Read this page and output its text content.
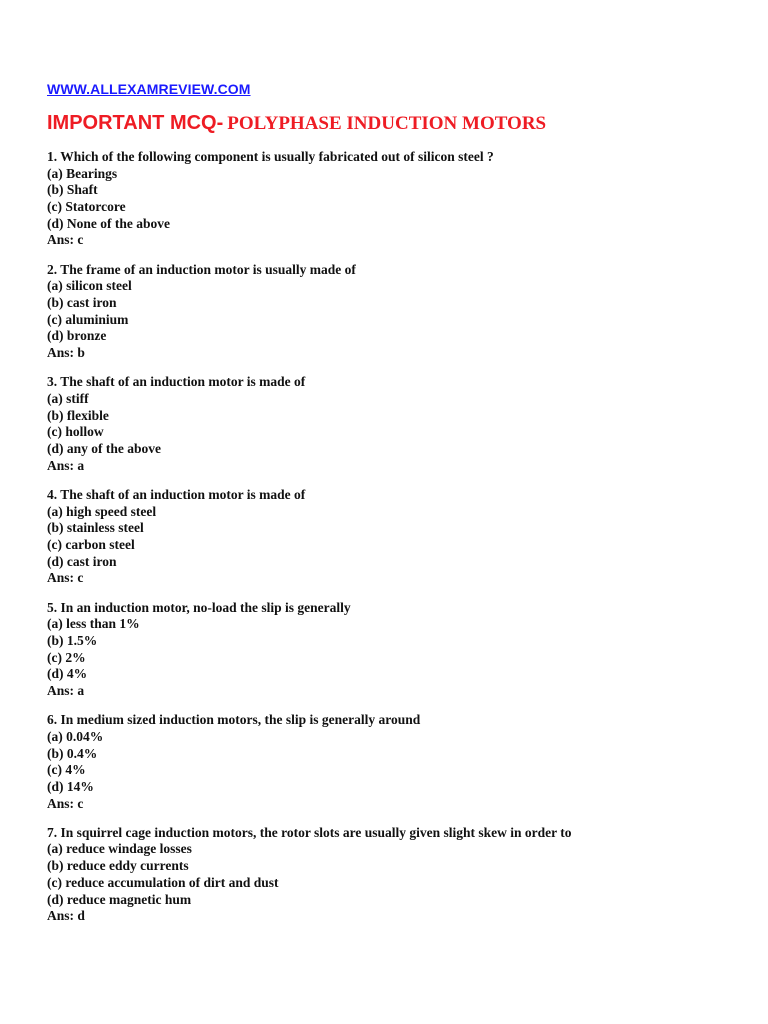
WWW.ALLEXAMREVIEW.COM
IMPORTANT MCQ- POLYPHASE INDUCTION MOTORS
1. Which of the following component is usually fabricated out of silicon steel ?
(a) Bearings
(b) Shaft
(c) Statorcore
(d) None of the above
Ans: c
2. The frame of an induction motor is usually made of
(a) silicon steel
(b) cast iron
(c) aluminium
(d) bronze
Ans: b
3. The shaft of an induction motor is made of
(a) stiff
(b) flexible
(c) hollow
(d) any of the above
Ans: a
4. The shaft of an induction motor is made of
(a) high speed steel
(b) stainless steel
(c) carbon steel
(d) cast iron
Ans: c
5. In an induction motor, no-load the slip is generally
(a) less than 1%
(b) 1.5%
(c) 2%
(d) 4%
Ans: a
6. In medium sized induction motors, the slip is generally around
(a) 0.04%
(b) 0.4%
(c) 4%
(d) 14%
Ans: c
7. In squirrel cage induction motors, the rotor slots are usually given slight skew in order to
(a) reduce windage losses
(b) reduce eddy currents
(c) reduce accumulation of dirt and dust
(d) reduce magnetic hum
Ans: d
